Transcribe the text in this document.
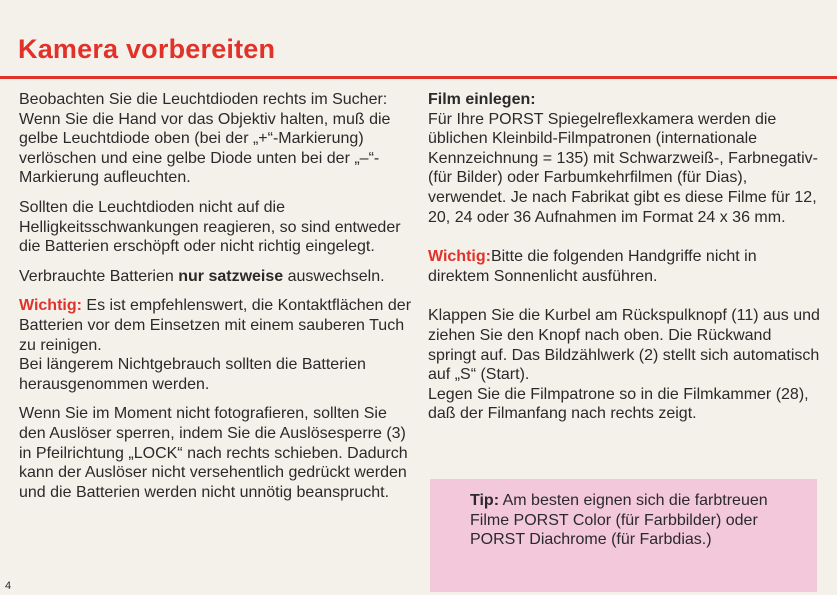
Kamera vorbereiten

Beobachten Sie die Leuchtdioden rechts im Sucher: Wenn Sie die Hand vor das Objektiv halten, muß die gelbe Leuchtdiode oben (bei der „+“-Markierung) verlöschen und eine gelbe Diode unten bei der „–“-Markierung aufleuchten.

Sollten die Leuchtdioden nicht auf die Helligkeitsschwankungen reagieren, so sind entweder die Batterien erschöpft oder nicht richtig eingelegt.

Verbrauchte Batterien nur satzweise auswechseln.

Wichtig: Es ist empfehlenswert, die Kontaktflächen der Batterien vor dem Einsetzen mit einem sauberen Tuch zu reinigen.

Bei längerem Nichtgebrauch sollten die Batterien herausgenommen werden.

Wenn Sie im Moment nicht fotografieren, sollten Sie den Auslöser sperren, indem Sie die Auslösesperre (3) in Pfeilrichtung „LOCK“ nach rechts schieben. Dadurch kann der Auslöser nicht versehentlich gedrückt werden und die Batterien werden nicht unnötig beansprucht.

Film einlegen:
Für Ihre PORST Spiegelreflexkamera werden die üblichen Kleinbild-Filmpatronen (internationale Kennzeichnung = 135) mit Schwarzweiß-, Farbnegativ- (für Bilder) oder Farbumkehrfilmen (für Dias), verwendet. Je nach Fabrikat gibt es diese Filme für 12, 20, 24 oder 36 Aufnahmen im Format 24 x 36 mm.

Wichtig:Bitte die folgenden Handgriffe nicht in direktem Sonnenlicht ausführen.

Klappen Sie die Kurbel am Rückspulknopf (11) aus und ziehen Sie den Knopf nach oben. Die Rückwand springt auf. Das Bildzählwerk (2) stellt sich automatisch auf „S“ (Start).

Legen Sie die Filmpatrone so in die Filmkammer (28), daß der Filmanfang nach rechts zeigt.

Tip: Am besten eignen sich die farbtreuen Filme PORST Color (für Farbbilder) oder PORST Diachrome (für Farbdias.)
4
